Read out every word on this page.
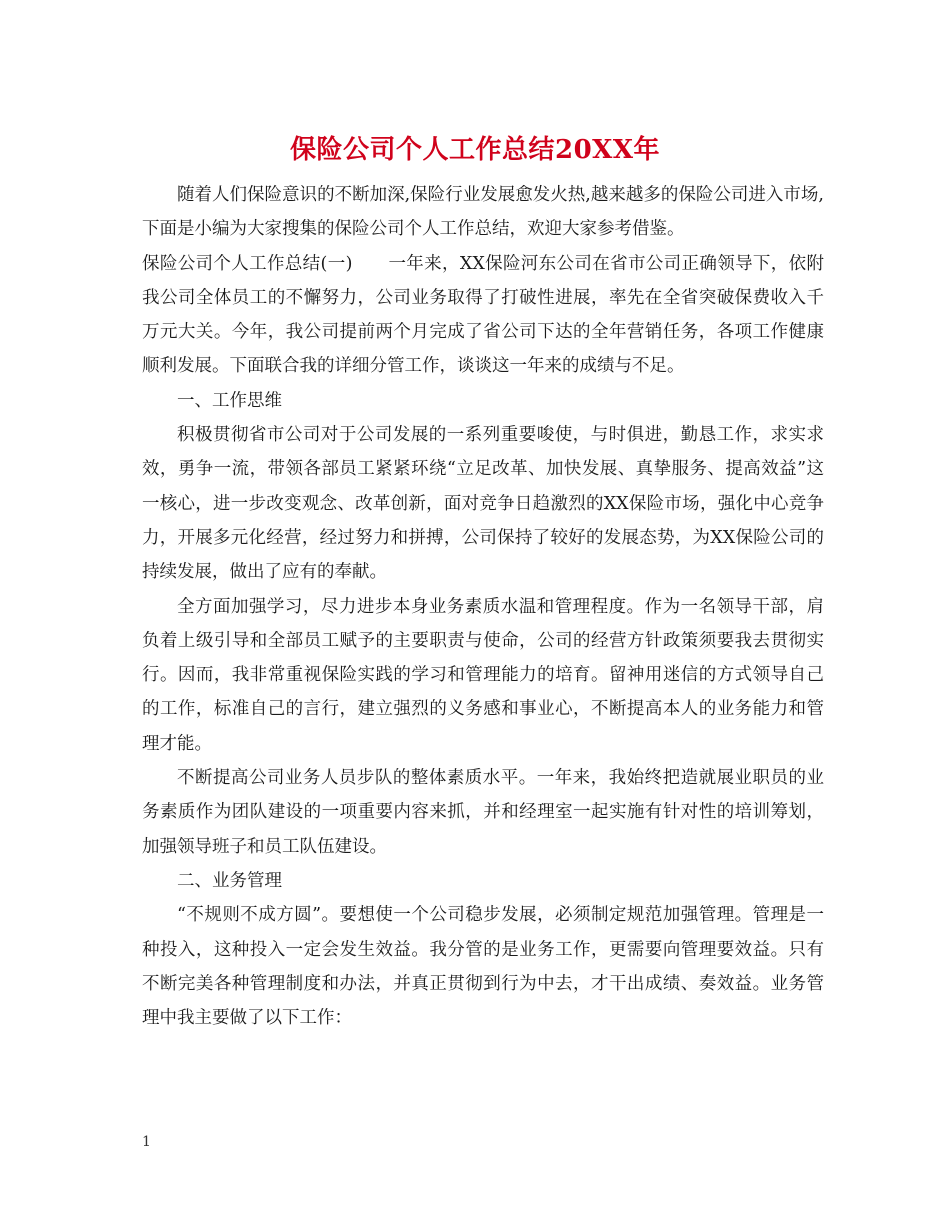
保险公司个人工作总结20XX年

随着人们保险意识的不断加深,保险行业发展愈发火热,越来越多的保险公司进入市场,下面是小编为大家搜集的保险公司个人工作总结，欢迎大家参考借鉴。

保险公司个人工作总结(一)　　一年来，XX保险河东公司在省市公司正确领导下，依附我公司全体员工的不懈努力，公司业务取得了打破性进展，率先在全省突破保费收入千万元大关。今年，我公司提前两个月完成了省公司下达的全年营销任务，各项工作健康顺利发展。下面联合我的详细分管工作，谈谈这一年来的成绩与不足。

一、工作思维

积极贯彻省市公司对于公司发展的一系列重要唆使，与时俱进，勤恳工作，求实求效，勇争一流，带领各部员工紧紧环绕“立足改革、加快发展、真挚服务、提高效益”这一核心，进一步改变观念、改革创新，面对竞争日趋激烈的XX保险市场，强化中心竞争力，开展多元化经营，经过努力和拼搏，公司保持了较好的发展态势，为XX保险公司的持续发展，做出了应有的奉献。

全方面加强学习，尽力进步本身业务素质水温和管理程度。作为一名领导干部，肩负着上级引导和全部员工赋予的主要职责与使命，公司的经营方针政策须要我去贯彻实行。因而，我非常重视保险实践的学习和管理能力的培育。留神用迷信的方式领导自己的工作，标准自己的言行，建立强烈的义务感和事业心，不断提高本人的业务能力和管理才能。

不断提高公司业务人员步队的整体素质水平。一年来，我始终把造就展业职员的业务素质作为团队建设的一项重要内容来抓，并和经理室一起实施有针对性的培训筹划，加强领导班子和员工队伍建设。

二、业务管理

“不规则不成方圆”。要想使一个公司稳步发展，必须制定规范加强管理。管理是一种投入，这种投入一定会发生效益。我分管的是业务工作，更需要向管理要效益。只有不断完美各种管理制度和办法，并真正贯彻到行为中去，才干出成绩、奏效益。业务管理中我主要做了以下工作：

1
